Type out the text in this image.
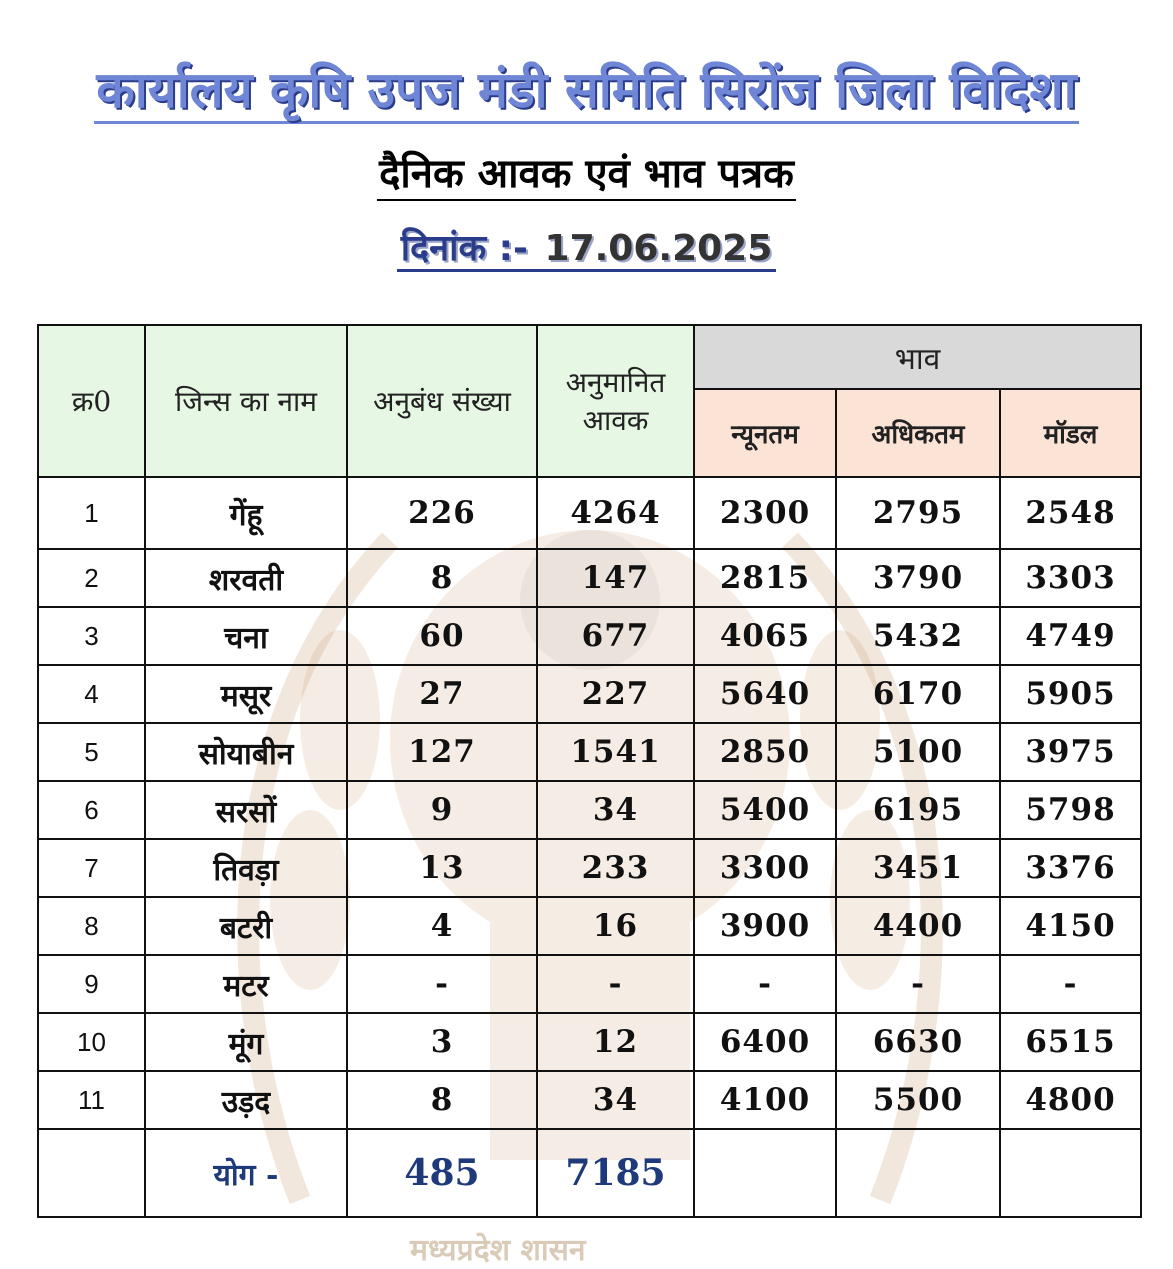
मध्यप्रदेश शासन
कार्यालय कृषि उपज मंडी समिति सिरोंज जिला विदिशा
दैनिक आवक एवं भाव पत्रक
दिनांक :- 17.06.2025
क्र0	जिन्स का नाम	अनुबंध संख्या	अनुमानित आवक	भाव		
				न्यूनतम	अधिकतम	मॉडल
1	गेंहू	226	4264	2300	2795	2548
2	शरवती	8	147	2815	3790	3303
3	चना	60	677	4065	5432	4749
4	मसूर	27	227	5640	6170	5905
5	सोयाबीन	127	1541	2850	5100	3975
6	सरसों	9	34	5400	6195	5798
7	तिवड़ा	13	233	3300	3451	3376
8	बटरी	4	16	3900	4400	4150
9	मटर	-	-	-	-	-
10	मूंग	3	12	6400	6630	6515
11	उड़द	8	34	4100	5500	4800
	योग -	485	7185			
